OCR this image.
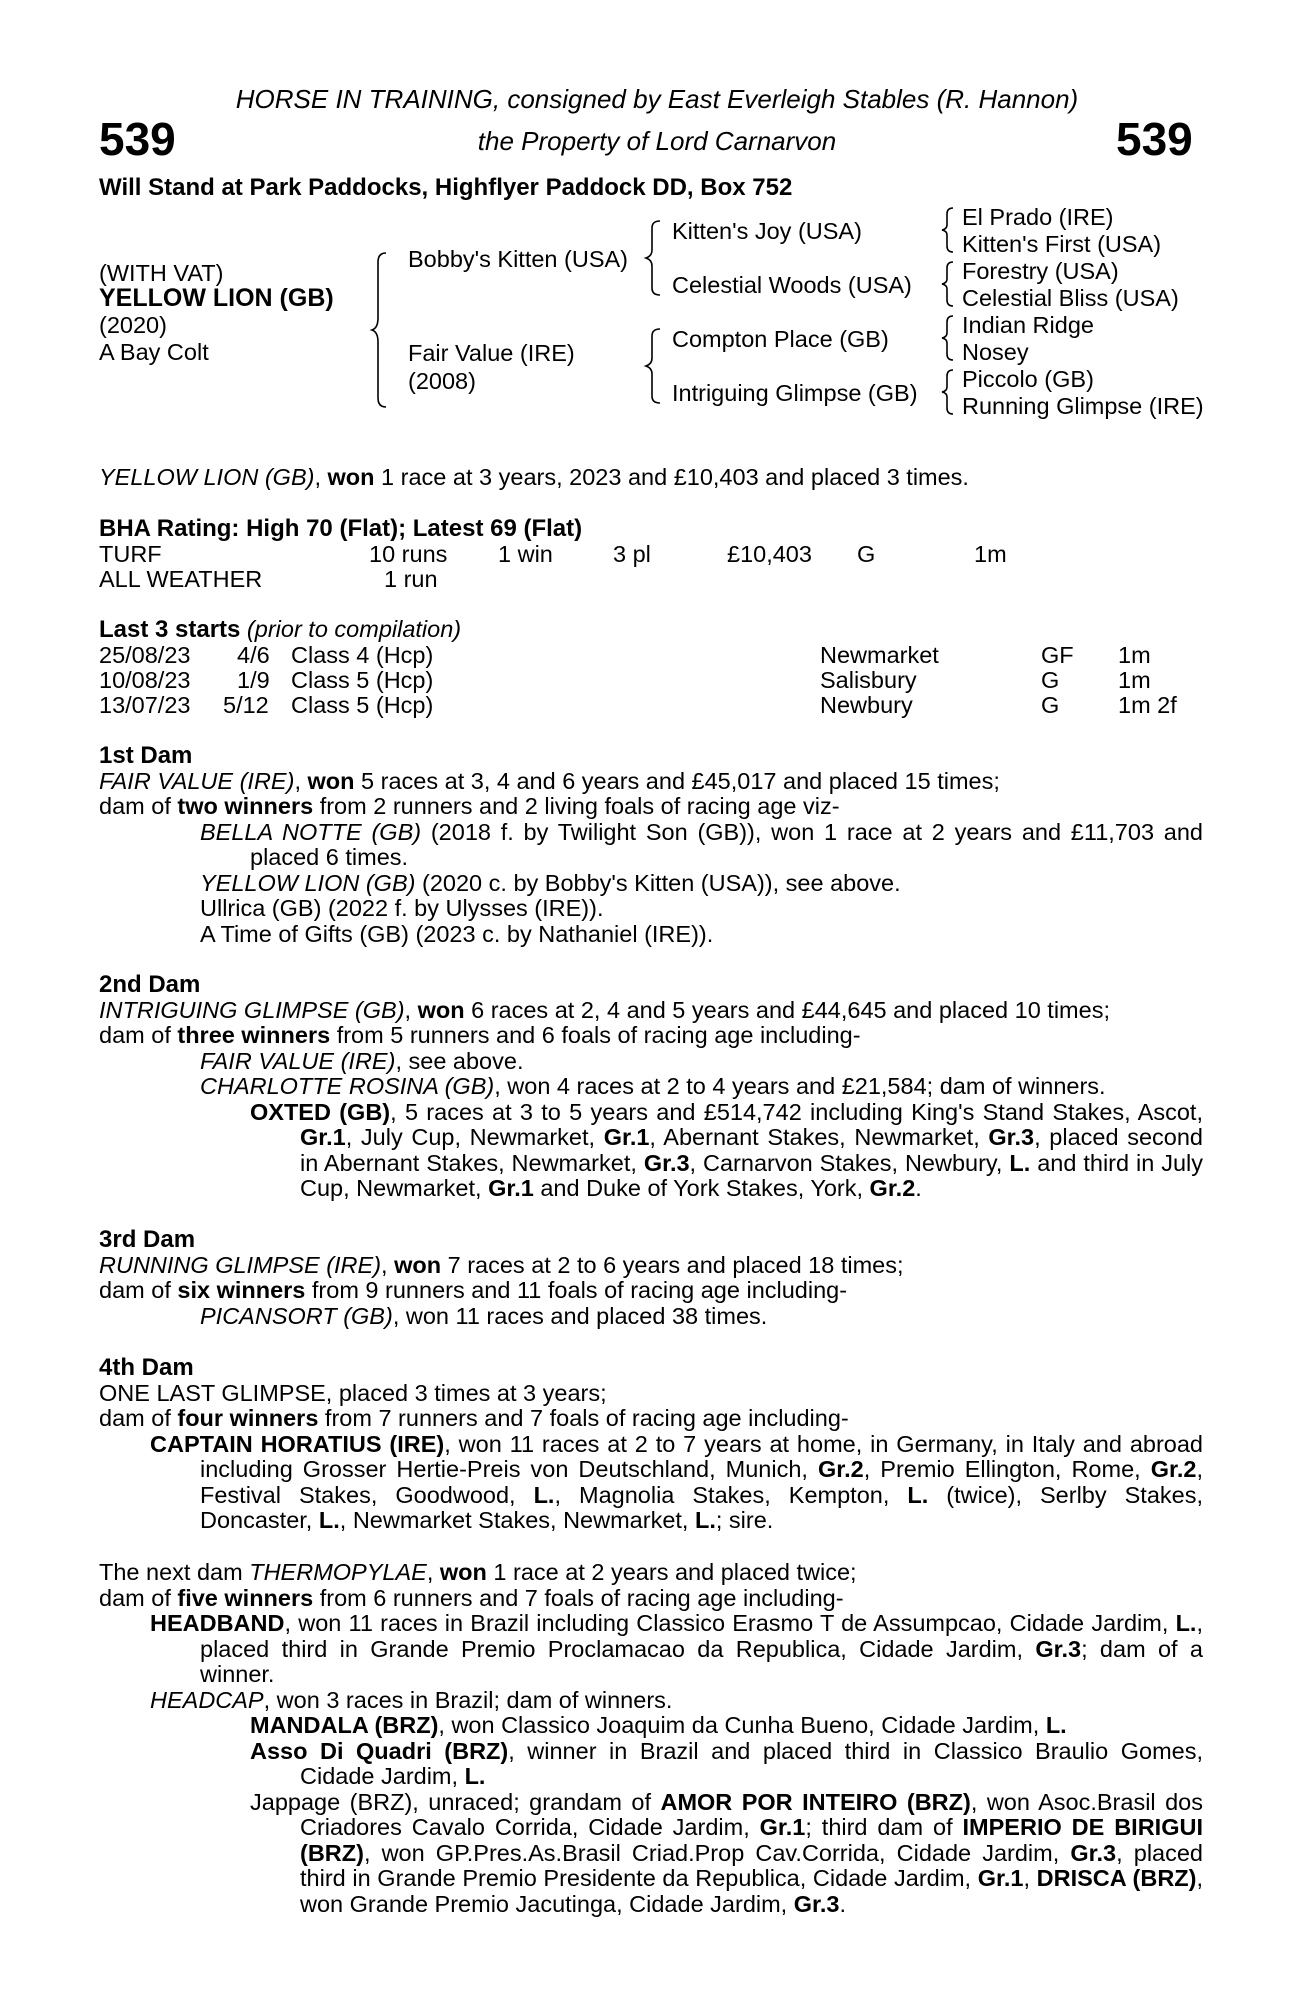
539	539
HORSE IN TRAINING, consigned by East Everleigh Stables (R. Hannon)
the Property of Lord Carnarvon
Will Stand at Park Paddocks, Highflyer Paddock DD, Box 752
(WITH VAT)
YELLOW LION (GB)
(2020)
A Bay Colt
Bobby's Kitten (USA)
Fair Value (IRE)
(2008)
Kitten's Joy (USA)
Celestial Woods (USA)
Compton Place (GB)
Intriguing Glimpse (GB)
El Prado (IRE)
Kitten's First (USA)
Forestry (USA)
Celestial Bliss (USA)
Indian Ridge
Nosey
Piccolo (GB)
Running Glimpse (IRE)
YELLOW LION (GB), won 1 race at 3 years, 2023 and £10,403 and placed 3 times.
BHA Rating: High 70 (Flat); Latest 69 (Flat)
TURF	10 runs 1 win	3 pl	£10,403 G	1m
ALL WEATHER	1 run
Last 3 starts (prior to compilation)
25/08/23 4/6 Class 4 (Hcp)	Newmarket	GF 1m
10/08/23 1/9 Class 5 (Hcp)	Salisbury	G 1m
13/07/23 5/12 Class 5 (Hcp)	Newbury	G 1m 2f

1st Dam

FAIR VALUE (IRE), won 5 races at 3, 4 and 6 years and £45,017 and placed 15 times;

dam of two winners from 2 runners and 2 living foals of racing age viz-

BELLA NOTTE (GB) (2018 f. by Twilight Son (GB)), won 1 race at 2 years and £11,703 and placed 6 times.

YELLOW LION (GB) (2020 c. by Bobby's Kitten (USA)), see above.

Ullrica (GB) (2022 f. by Ulysses (IRE)).

A Time of Gifts (GB) (2023 c. by Nathaniel (IRE)).

2nd Dam

INTRIGUING GLIMPSE (GB), won 6 races at 2, 4 and 5 years and £44,645 and placed 10 times;

dam of three winners from 5 runners and 6 foals of racing age including-

FAIR VALUE (IRE), see above.

CHARLOTTE ROSINA (GB), won 4 races at 2 to 4 years and £21,584; dam of winners.

OXTED (GB), 5 races at 3 to 5 years and £514,742 including King's Stand Stakes, Ascot, Gr.1, July Cup, Newmarket, Gr.1, Abernant Stakes, Newmarket, Gr.3, placed second in Abernant Stakes, Newmarket, Gr.3, Carnarvon Stakes, Newbury, L. and third in July Cup, Newmarket, Gr.1 and Duke of York Stakes, York, Gr.2.

3rd Dam

RUNNING GLIMPSE (IRE), won 7 races at 2 to 6 years and placed 18 times;

dam of six winners from 9 runners and 11 foals of racing age including-

PICANSORT (GB), won 11 races and placed 38 times.

4th Dam

ONE LAST GLIMPSE, placed 3 times at 3 years;

dam of four winners from 7 runners and 7 foals of racing age including-

CAPTAIN HORATIUS (IRE), won 11 races at 2 to 7 years at home, in Germany, in Italy and abroad including Grosser Hertie-Preis von Deutschland, Munich, Gr.2, Premio Ellington, Rome, Gr.2, Festival Stakes, Goodwood, L., Magnolia Stakes, Kempton, L. (twice), Serlby Stakes, Doncaster, L., Newmarket Stakes, Newmarket, L.; sire.

The next dam THERMOPYLAE, won 1 race at 2 years and placed twice;

dam of five winners from 6 runners and 7 foals of racing age including-

HEADBAND, won 11 races in Brazil including Classico Erasmo T de Assumpcao, Cidade Jardim, L., placed third in Grande Premio Proclamacao da Republica, Cidade Jardim, Gr.3; dam of a winner.

HEADCAP, won 3 races in Brazil; dam of winners.

MANDALA (BRZ), won Classico Joaquim da Cunha Bueno, Cidade Jardim, L.

Asso Di Quadri (BRZ), winner in Brazil and placed third in Classico Braulio Gomes, Cidade Jardim, L.

Jappage (BRZ), unraced; grandam of AMOR POR INTEIRO (BRZ), won Asoc.Brasil dos Criadores Cavalo Corrida, Cidade Jardim, Gr.1; third dam of IMPERIO DE BIRIGUI (BRZ), won GP.Pres.As.Brasil Criad.Prop Cav.Corrida, Cidade Jardim, Gr.3, placed third in Grande Premio Presidente da Republica, Cidade Jardim, Gr.1, DRISCA (BRZ), won Grande Premio Jacutinga, Cidade Jardim, Gr.3.
